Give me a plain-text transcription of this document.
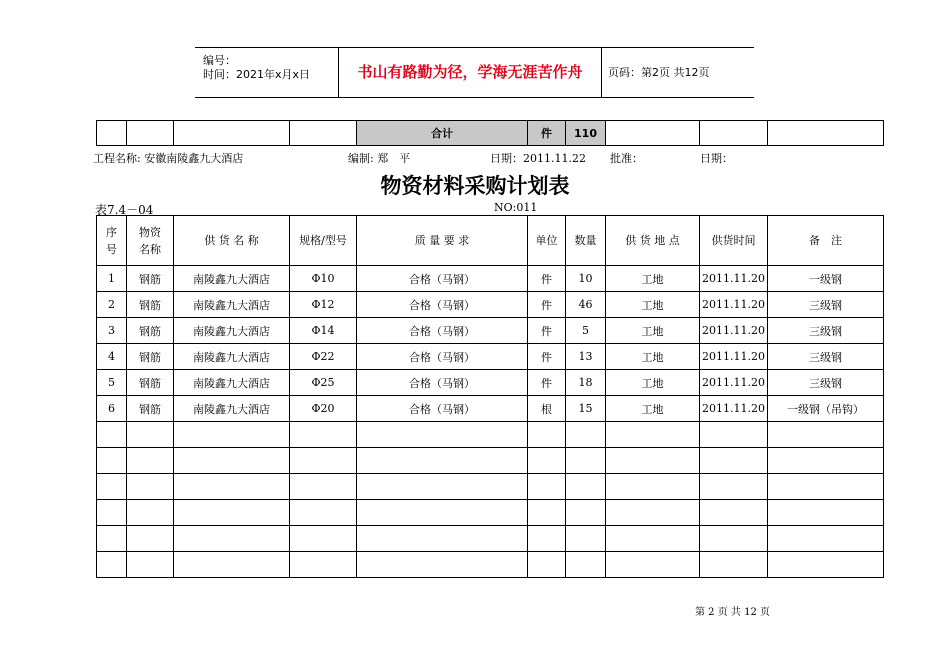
编号：
时间：2021年x月x日	书山有路勤为径，学海无涯苦作舟	页码：第2页 共12页
				合计	件	110			
工程名称: 安徽南陵鑫九大酒店	编制: 郑　平	日期：2011.11.22 批准：	日期：
物资材料采购计划表
表7.4－04	NO:011
序号	物资名称	供 货 名 称	规格/型号	质 量 要 求	单位	数量	供 货 地 点	供货时间	备　注
1	钢筋	南陵鑫九大酒店	Φ10	合格（马钢）	件	10	工地	2011.11.20	一级钢
2	钢筋	南陵鑫九大酒店	Φ12	合格（马钢）	件	46	工地	2011.11.20	三级钢
3	钢筋	南陵鑫九大酒店	Φ14	合格（马钢）	件	5	工地	2011.11.20	三级钢
4	钢筋	南陵鑫九大酒店	Φ22	合格（马钢）	件	13	工地	2011.11.20	三级钢
5	钢筋	南陵鑫九大酒店	Φ25	合格（马钢）	件	18	工地	2011.11.20	三级钢
6	钢筋	南陵鑫九大酒店	Φ20	合格（马钢）	根	15	工地	2011.11.20	一级钢（吊钩）

第 2 页 共 12 页
